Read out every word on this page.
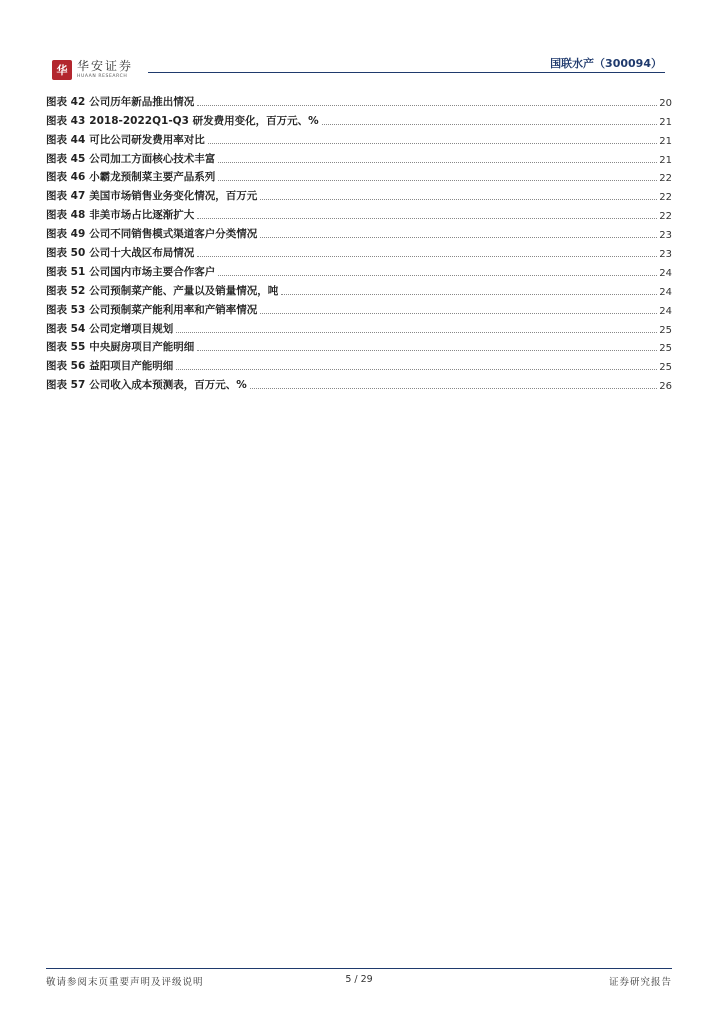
华 华安证券
HUAAN RESEARCH
国联水产（300094）
图表 42 公司历年新品推出情况	20
图表 43 2018-2022Q1-Q3 研发费用变化，百万元、%	21
图表 44 可比公司研发费用率对比	21
图表 45 公司加工方面核心技术丰富	21
图表 46 小霸龙预制菜主要产品系列	22
图表 47 美国市场销售业务变化情况，百万元	22
图表 48 非美市场占比逐渐扩大	22
图表 49 公司不同销售模式渠道客户分类情况	23
图表 50 公司十大战区布局情况	23
图表 51 公司国内市场主要合作客户	24
图表 52 公司预制菜产能、产量以及销量情况，吨	24
图表 53 公司预制菜产能利用率和产销率情况	24
图表 54 公司定增项目规划	25
图表 55 中央厨房项目产能明细	25
图表 56 益阳项目产能明细	25
图表 57 公司收入成本预测表，百万元、%	26
敬请参阅末页重要声明及评级说明	5 / 29	证券研究报告
